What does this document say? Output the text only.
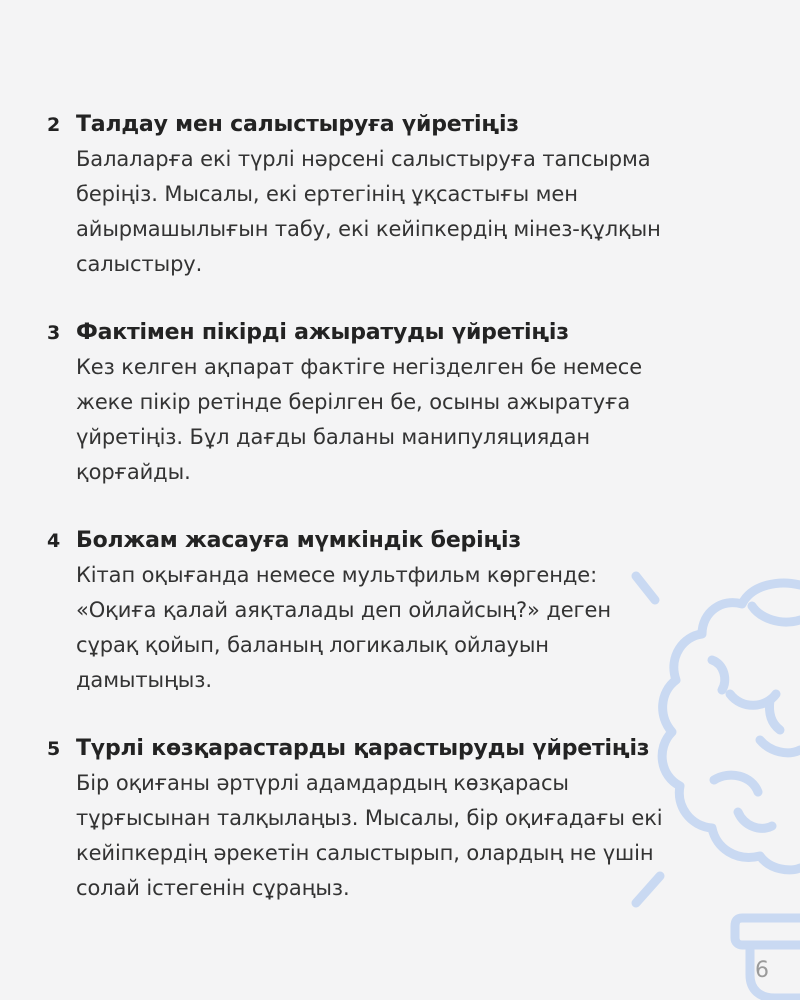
2 Талдау мен салыстыруға үйретіңіз
Балаларға екі түрлі нәрсені салыстыруға тапсырма
беріңіз. Мысалы, екі ертегінің ұқсастығы мен
айырмашылығын табу, екі кейіпкердің мінез-құлқын
салыстыру.
3 Фактімен пікірді ажыратуды үйретіңіз
Кез келген ақпарат фактіге негізделген бе немесе
жеке пікір ретінде берілген бе, осыны ажыратуға
үйретіңіз. Бұл дағды баланы манипуляциядан
қорғайды.
4 Болжам жасауға мүмкіндік беріңіз
Кітап оқығанда немесе мультфильм көргенде:
«Оқиға қалай аяқталады деп ойлайсың?» деген
сұрақ қойып, баланың логикалық ойлауын
дамытыңыз.
5 Түрлі көзқарастарды қарастыруды үйретіңіз
Бір оқиғаны әртүрлі адамдардың көзқарасы
тұрғысынан талқылаңыз. Мысалы, бір оқиғадағы екі
кейіпкердің әрекетін салыстырып, олардың не үшін
солай істегенін сұраңыз.
6
